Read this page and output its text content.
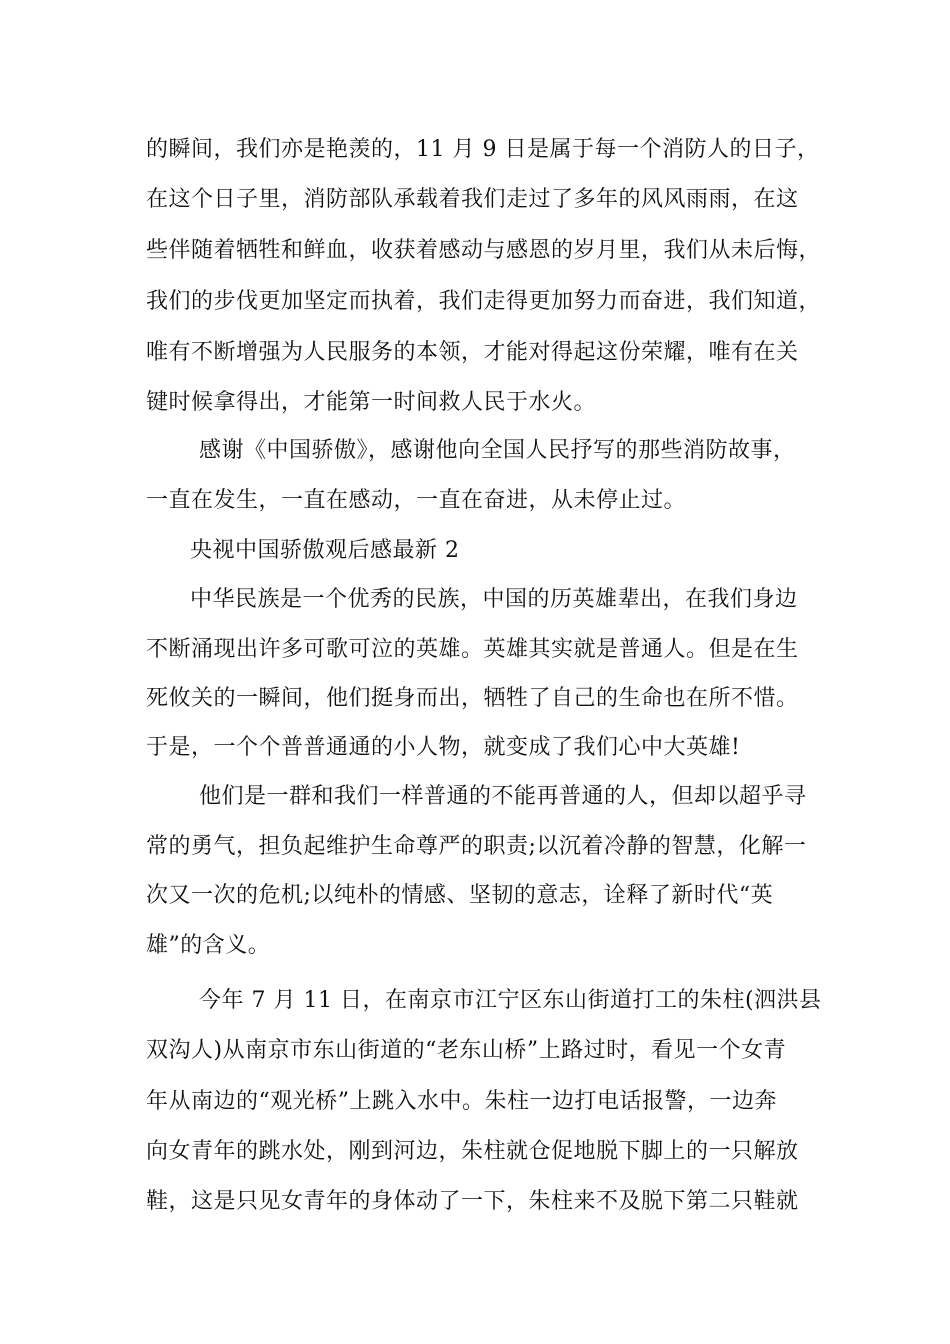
的瞬间，我们亦是艳羡的，11 月 9 日是属于每一个消防人的日子，
在这个日子里，消防部队承载着我们走过了多年的风风雨雨，在这
些伴随着牺牲和鲜血，收获着感动与感恩的岁月里，我们从未后悔，
我们的步伐更加坚定而执着，我们走得更加努力而奋进，我们知道，
唯有不断增强为人民服务的本领，才能对得起这份荣耀，唯有在关
键时候拿得出，才能第一时间救人民于水火。
感谢《中国骄傲》，感谢他向全国人民抒写的那些消防故事，
一直在发生，一直在感动，一直在奋进，从未停止过。
央视中国骄傲观后感最新 2
中华民族是一个优秀的民族，中国的历英雄辈出，在我们身边
不断涌现出许多可歌可泣的英雄。英雄其实就是普通人。但是在生
死攸关的一瞬间，他们挺身而出，牺牲了自己的生命也在所不惜。
于是，一个个普普通通的小人物，就变成了我们心中大英雄!
他们是一群和我们一样普通的不能再普通的人，但却以超乎寻
常的勇气，担负起维护生命尊严的职责;以沉着冷静的智慧，化解一
次又一次的危机;以纯朴的情感、坚韧的意志，诠释了新时代“英
雄”的含义。
今年 7 月 11 日，在南京市江宁区东山街道打工的朱柱(泗洪县
双沟人)从南京市东山街道的“老东山桥”上路过时，看见一个女青
年从南边的“观光桥”上跳入水中。朱柱一边打电话报警，一边奔
向女青年的跳水处，刚到河边，朱柱就仓促地脱下脚上的一只解放
鞋，这是只见女青年的身体动了一下，朱柱来不及脱下第二只鞋就
